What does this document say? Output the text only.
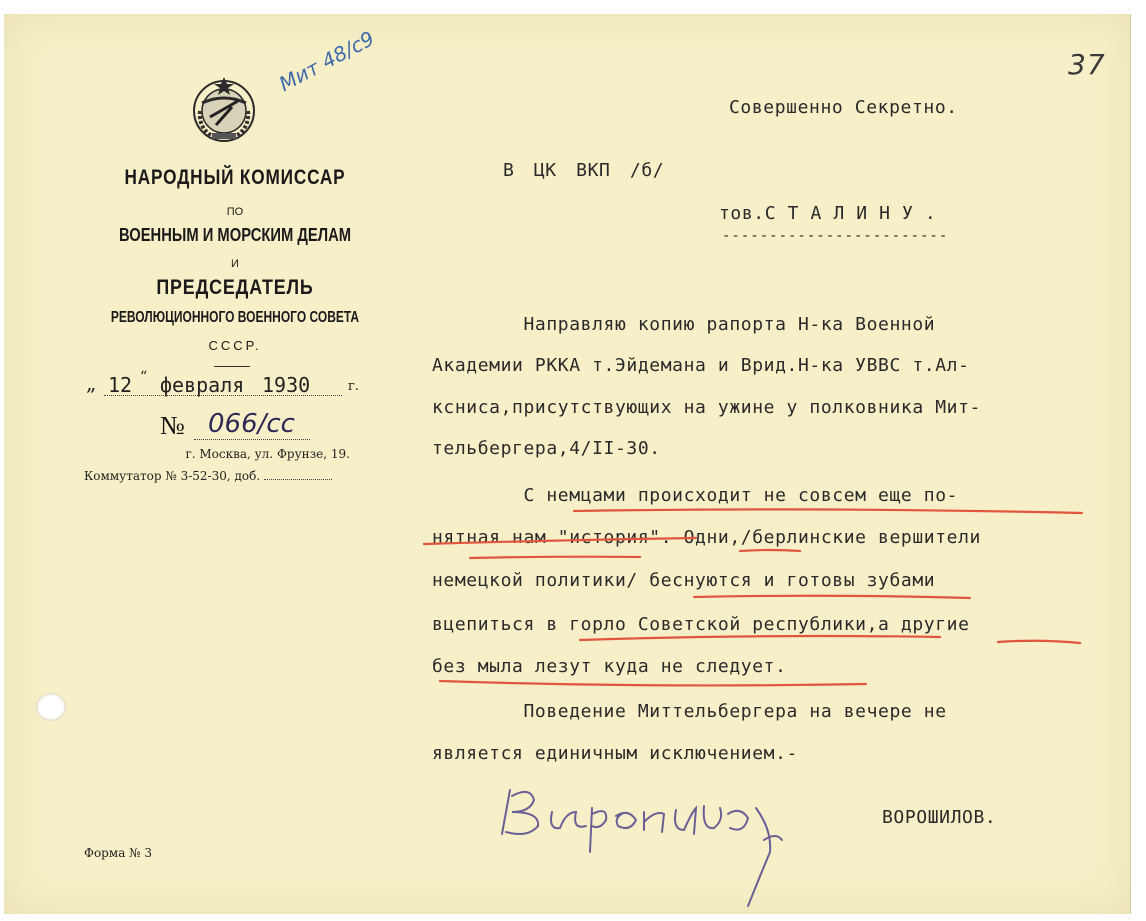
37
Мит 48/с9
НАРОДНЫЙ КОМИССАР
ПО
ВОЕННЫМ И МОРСКИМ ДЕЛАМ
И
ПРЕДСЕДАТЕЛЬ
РЕВОЛЮЦИОННОГО ВОЕННОГО СОВЕТА
СССР.
„ 12 “ февраля 1930	г.
№ 066/сс
г. Москва, ул. Фрунзе, 19.
Коммутатор № 3-52-30, доб.
Форма № 3
Совершенно Секретно.
В ЦК ВКП /б/
тов.С Т А Л И Н У .
------------------------
Направляю копию рапорта Н-ка Военной
Академии РККА т.Эйдемана и Врид.Н-ка УВВС т.Ал-
ксниса,присутствующих на ужине у полковника Мит-
тельбергера,4/II-30.
С немцами происходит не совсем еще по-
нятная нам "история". Одни,/берлинские вершители
немецкой политики/ беснуются и готовы зубами
вцепиться в горло Советской республики,а другие
без мыла лезут куда не следует.
Поведение Миттельбергера на вечере не
является единичным исключением.-
ВОРОШИЛОВ.
